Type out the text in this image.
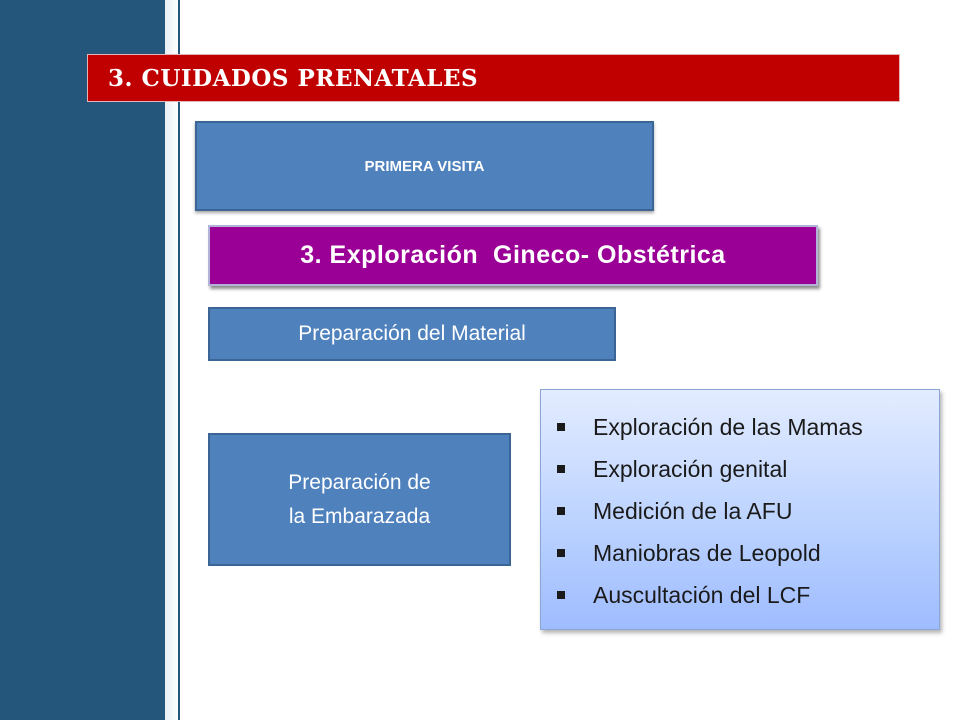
3. CUIDADOS PRENATALES
PRIMERA VISITA
3. Exploración  Gineco- Obstétrica
Preparación del Material
Preparación de
la Embarazada
Exploración de las Mamas
Exploración genital
Medición de la AFU
Maniobras de Leopold
Auscultación del LCF
